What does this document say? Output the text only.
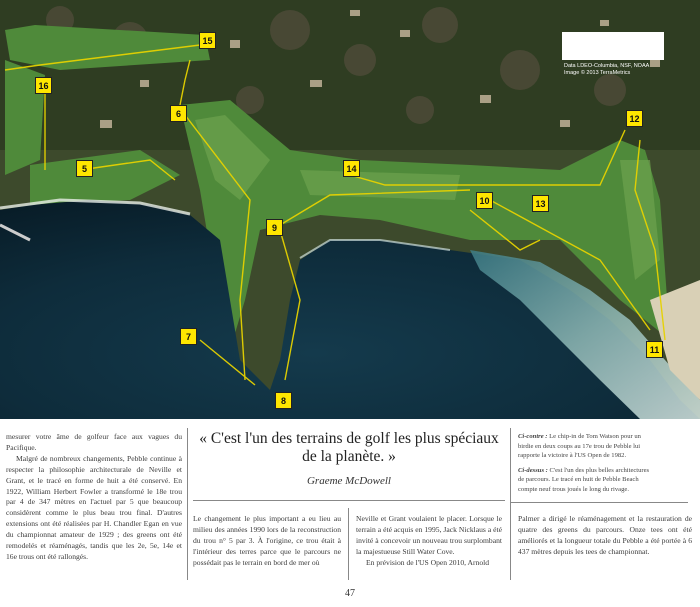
© 2013 Google
Data LDEO-Columbia, NSF, NOAA
Image © 2013 TerraMetrics
15
16
6
5	14
12
10	13
9
7
8
11

mesurer votre âme de golfeur face aux vagues du Pacifique.

Malgré de nombreux changements, Pebble continue à respecter la philosophie architecturale de Neville et Grant, et le tracé en forme de huit a été conservé. En 1922, William Herbert Fowler a transformé le 18e trou par 4 de 347 mètres en l'actuel par 5 que beaucoup considèrent comme le plus beau trou final. D'autres extensions ont été réalisées par H. Chandler Egan en vue du championnat amateur de 1929 ; des greens ont été remodelés et réaménagés, tandis que les 2e, 5e, 14e et 16e trous ont été rallongés.

« C'est l'un des terrains de golf les plus spéciaux de la planète. »
Graeme McDowell

Le changement le plus important a eu lieu au milieu des années 1990 lors de la reconstruction du trou n° 5 par 3. À l'origine, ce trou était à l'intérieur des terres parce que le parcours ne possédait pas le terrain en bord de mer où

Neville et Grant voulaient le placer. Lorsque le terrain a été acquis en 1995, Jack Nicklaus a été invité à concevoir un nouveau trou surplombant la majestueuse Still Water Cove.

En prévision de l'US Open 2010, Arnold

Ci-contre : Le chip-in de Tom Watson pour un birdie en deux coups au 17e trou de Pebble lui rapporte la victoire à l'US Open de 1982.

Ci-dessus : C'est l'un des plus belles architectures de parcours. Le tracé en huit de Pebble Beach compte neuf trous joués le long du rivage.

Palmer a dirigé le réaménagement et la restauration de quatre des greens du parcours. Onze tees ont été améliorés et la longueur totale du Pebble a été portée à 6 437 mètres depuis les tees de championnat.

47
